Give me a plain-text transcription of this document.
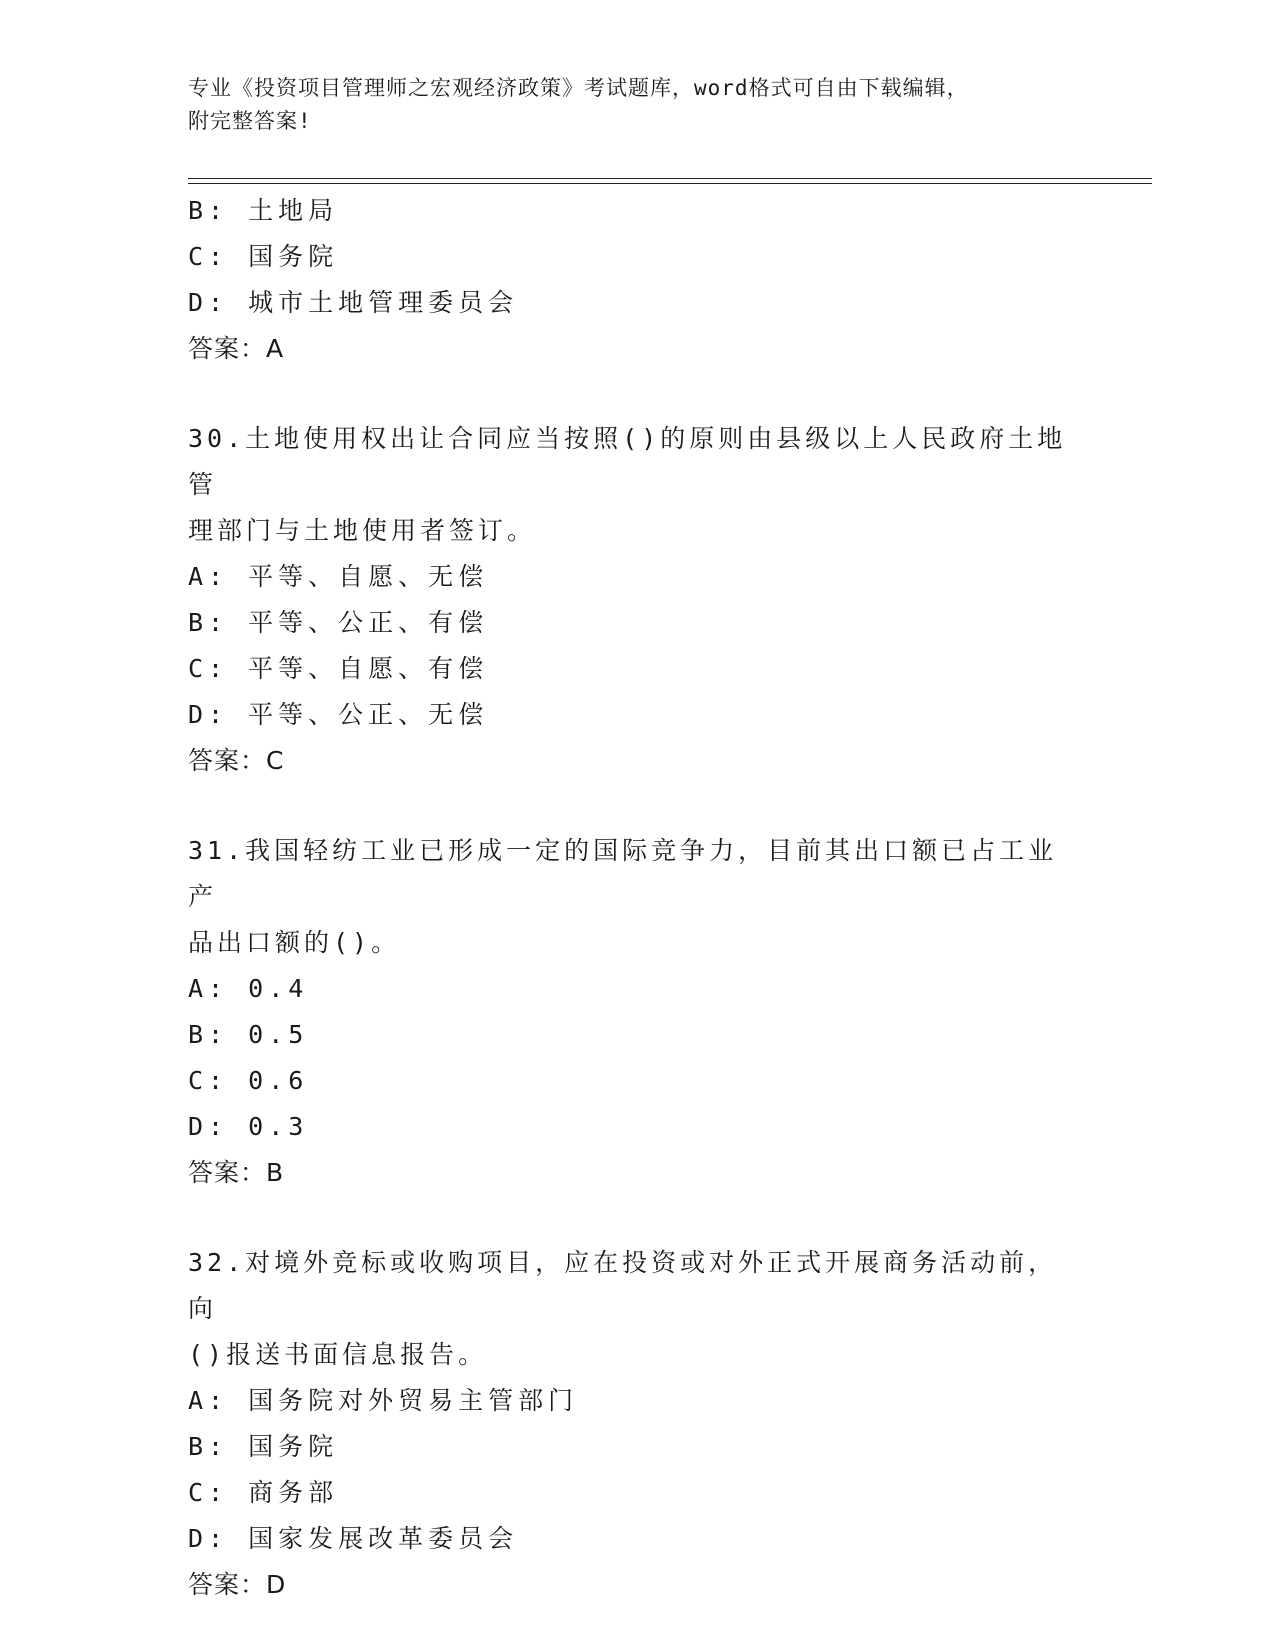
专业《投资项目管理师之宏观经济政策》考试题库，word格式可自由下载编辑，
附完整答案!
B: 土地局
C: 国务院
D: 城市土地管理委员会
答案：A
30.土地使用权出让合同应当按照()的原则由县级以上人民政府土地管
理部门与土地使用者签订。
A: 平等、自愿、无偿
B: 平等、公正、有偿
C: 平等、自愿、有偿
D: 平等、公正、无偿
答案：C
31.我国轻纺工业已形成一定的国际竞争力，目前其出口额已占工业产
品出口额的()。
A: 0.4
B: 0.5
C: 0.6
D: 0.3
答案：B
32.对境外竞标或收购项目，应在投资或对外正式开展商务活动前，向
()报送书面信息报告。
A: 国务院对外贸易主管部门
B: 国务院
C: 商务部
D: 国家发展改革委员会
答案：D
